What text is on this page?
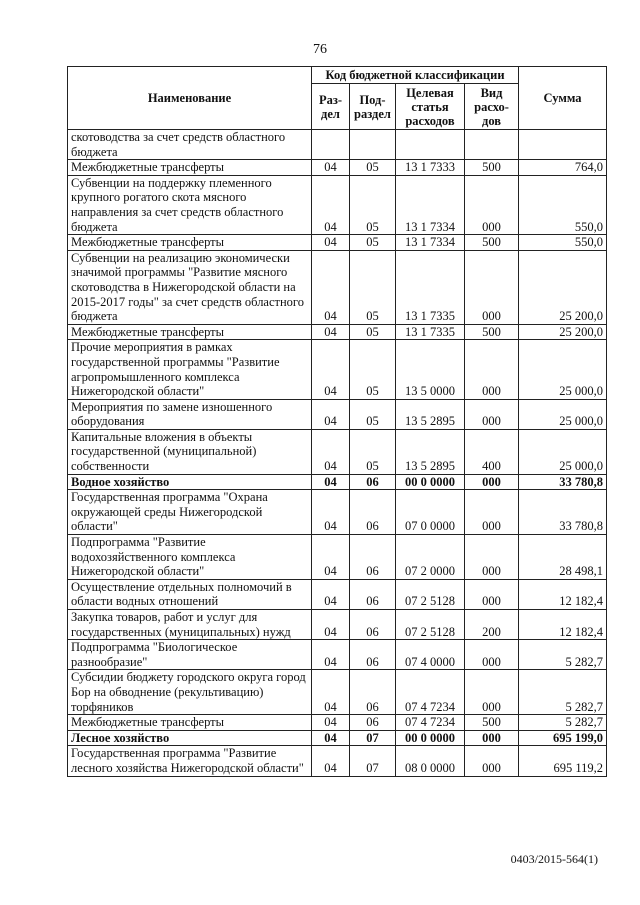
76
Наименование	Код бюджетной классификации				Сумма
	Раз-дел	Под-раздел	Целевая статья расходов	Вид расхо-дов	
скотоводства за счет средств областного бюджета					
Межбюджетные трансферты	04	05	13 1 7333	500	764,0
Субвенции на поддержку племенного крупного рогатого скота мясного направления за счет средств областного бюджета	04	05	13 1 7334	000	550,0
Межбюджетные трансферты	04	05	13 1 7334	500	550,0
Субвенции на реализацию экономически значимой программы "Развитие мясного скотоводства в Нижегородской области на 2015-2017 годы" за счет средств областного бюджета	04	05	13 1 7335	000	25 200,0
Межбюджетные трансферты	04	05	13 1 7335	500	25 200,0
Прочие мероприятия в рамках государственной программы "Развитие агропромышленного комплекса Нижегородской области"	04	05	13 5 0000	000	25 000,0
Мероприятия по замене изношенного оборудования	04	05	13 5 2895	000	25 000,0
Капитальные вложения в объекты государственной (муниципальной) собственности	04	05	13 5 2895	400	25 000,0
Водное хозяйство	04	06	00 0 0000	000	33 780,8
Государственная программа "Охрана окружающей среды Нижегородской области"	04	06	07 0 0000	000	33 780,8
Подпрограмма "Развитие водохозяйственного комплекса Нижегородской области"	04	06	07 2 0000	000	28 498,1
Осуществление отдельных полномочий в области водных отношений	04	06	07 2 5128	000	12 182,4
Закупка товаров, работ и услуг для государственных (муниципальных) нужд	04	06	07 2 5128	200	12 182,4
Подпрограмма "Биологическое разнообразие"	04	06	07 4 0000	000	5 282,7
Субсидии бюджету городского округа город Бор на обводнение (рекультивацию) торфяников	04	06	07 4 7234	000	5 282,7
Межбюджетные трансферты	04	06	07 4 7234	500	5 282,7
Лесное хозяйство	04	07	00 0 0000	000	695 199,0
Государственная программа "Развитие лесного хозяйства Нижегородской области"	04	07	08 0 0000	000	695 119,2
0403/2015-564(1)
